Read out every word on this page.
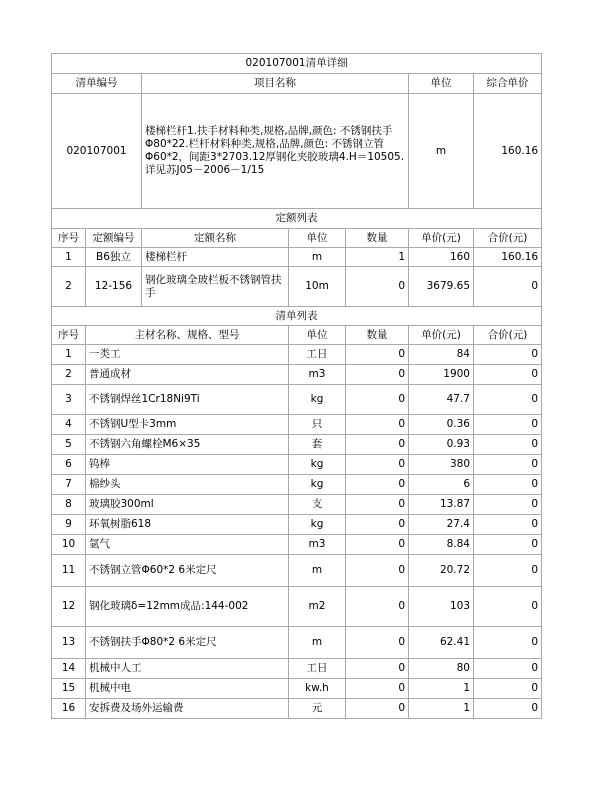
020107001清单详细						
清单编号		项目名称			单位	综合单价
020107001		楼梯栏杆1.扶手材料种类,规格,品牌,颜色: 不锈钢扶手Φ80*22.栏杆材料种类,规格,品牌,颜色: 不锈钢立管Φ60*2，间距3*2703.12厚钢化夹胶玻璃4.H＝10505.详见苏J05－2006－1/15			m	160.16
定额列表						
序号	定额编号	定额名称	单位	数量	单价(元)	合价(元)
1	B6独立	楼梯栏杆	m	1	160	160.16
2	12-156	钢化玻璃全玻栏板不锈钢管扶手	10m	0	3679.65	0
清单列表						
序号	主材名称、规格、型号		单位	数量	单价(元)	合价(元)
1	一类工		工日	0	84	0
2	普通成材		m3	0	1900	0
3	不锈钢焊丝1Cr18Ni9Ti		kg	0	47.7	0
4	不锈钢U型卡3mm		只	0	0.36	0
5	不锈钢六角螺栓M6×35		套	0	0.93	0
6	钨棒		kg	0	380	0
7	棉纱头		kg	0	6	0
8	玻璃胶300ml		支	0	13.87	0
9	环氧树脂618		kg	0	27.4	0
10	氩气		m3	0	8.84	0
11	不锈钢立管Φ60*2 6米定尺		m	0	20.72	0
12	钢化玻璃δ=12mm成品:144-002		m2	0	103	0
13	不锈钢扶手Φ80*2 6米定尺		m	0	62.41	0
14	机械中人工		工日	0	80	0
15	机械中电		kw.h	0	1	0
16	安拆费及场外运输费		元	0	1	0
